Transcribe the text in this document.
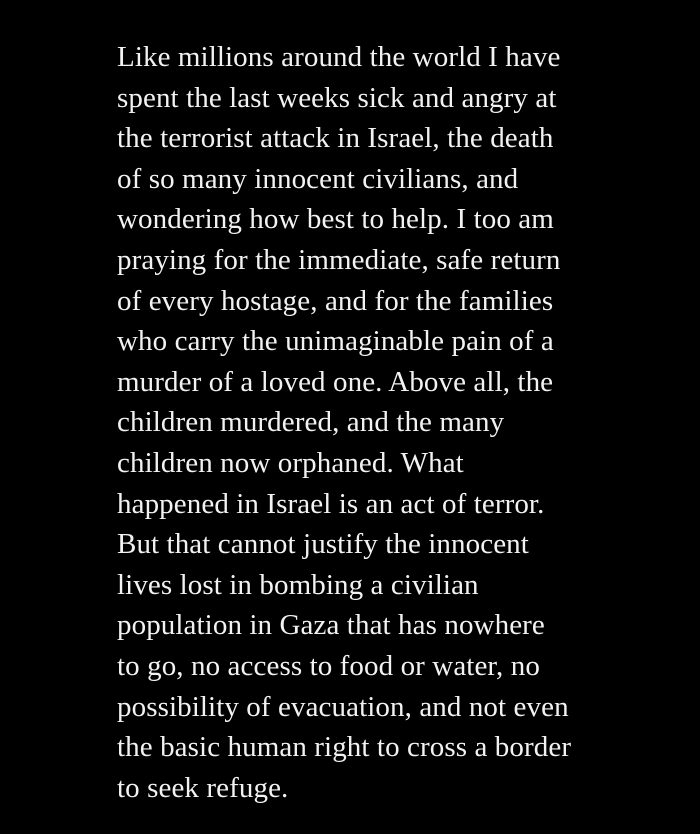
Like millions around the world I have
spent the last weeks sick and angry at
the terrorist attack in Israel, the death
of so many innocent civilians, and
wondering how best to help. I too am
praying for the immediate, safe return
of every hostage, and for the families
who carry the unimaginable pain of a
murder of a loved one. Above all, the
children murdered, and the many
children now orphaned. What
happened in Israel is an act of terror.
But that cannot justify the innocent
lives lost in bombing a civilian
population in Gaza that has nowhere
to go, no access to food or water, no
possibility of evacuation, and not even
the basic human right to cross a border
to seek refuge.
